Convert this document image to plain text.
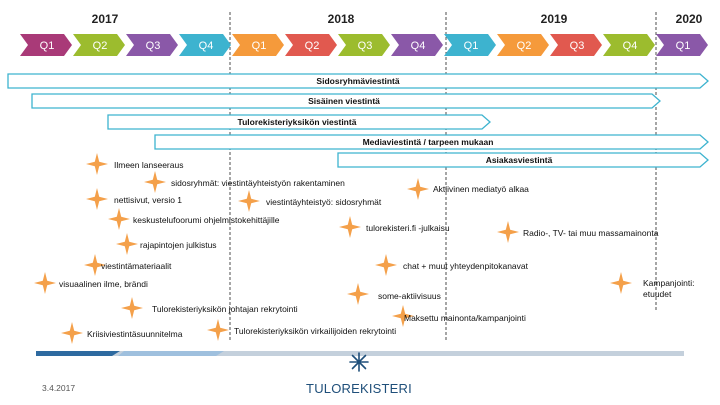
2017	2018	2019	2020
Q1	Q2	Q3	Q4	Q1	Q2	Q3	Q4	Q1	Q2	Q3	Q4	Q1
Sidosryhmäviestintä
Sisäinen viestintä
Tulorekisteriyksikön viestintä
Mediaviestintä / tarpeen mukaan
Asiakasviestintä
Ilmeen lanseeraus
sidosryhmät: viestintäyhteistyön rakentaminen
nettisivut, versio 1	viestintäyhteistyö: sidosryhmät
keskustelufoorumi ohjelmistokehittäjille
rajapintojen julkistus
viestintämateriaalit
visuaalinen ilme, brändi
Tulorekisteriyksikön johtajan rekrytointi
Kriisiviestintäsuunnitelma	Tulorekisteriyksikön virkailijoiden rekrytointi
Aktiivinen mediatyö alkaa
tulorekisteri.fi -julkaisu
chat + muut yhteydenpitokanavat
some-aktiivisuus
Maksettu mainonta/kampanjointi
Radio-, TV- tai muu massamainonta
Kampanjointi:
etuudet
3.4.2017	TULOREKISTERI
